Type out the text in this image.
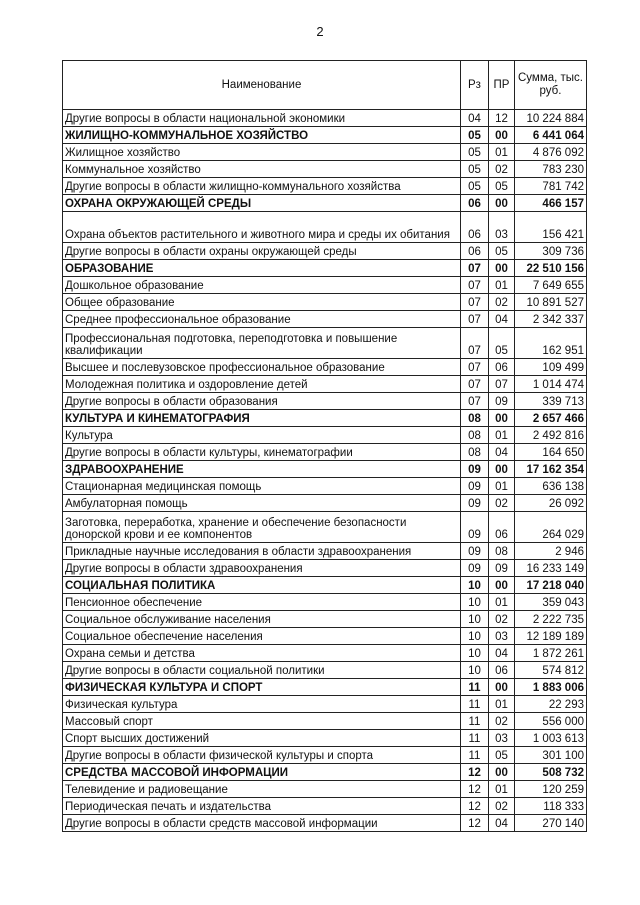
2
Наименование	Рз	ПР	Сумма, тыс. руб.
Другие вопросы в области национальной экономики	04	12	10 224 884
ЖИЛИЩНО-КОММУНАЛЬНОЕ ХОЗЯЙСТВО	05	00	6 441 064
Жилищное хозяйство	05	01	4 876 092
Коммунальное хозяйство	05	02	783 230
Другие вопросы в области жилищно-коммунального хозяйства	05	05	781 742
ОХРАНА ОКРУЖАЮЩЕЙ СРЕДЫ	06	00	466 157
Охрана объектов растительного и животного мира и среды их обитания	06	03	156 421
Другие вопросы в области охраны окружающей среды	06	05	309 736
ОБРАЗОВАНИЕ	07	00	22 510 156
Дошкольное образование	07	01	7 649 655
Общее образование	07	02	10 891 527
Среднее профессиональное образование	07	04	2 342 337
Профессиональная подготовка, переподготовка и повышение квалификации	07	05	162 951
Высшее и послевузовское профессиональное образование	07	06	109 499
Молодежная политика и оздоровление детей	07	07	1 014 474
Другие вопросы в области образования	07	09	339 713
КУЛЬТУРА И КИНЕМАТОГРАФИЯ	08	00	2 657 466
Культура	08	01	2 492 816
Другие вопросы в области культуры, кинематографии	08	04	164 650
ЗДРАВООХРАНЕНИЕ	09	00	17 162 354
Стационарная медицинская помощь	09	01	636 138
Амбулаторная помощь	09	02	26 092
Заготовка, переработка, хранение и обеспечение безопасности донорской крови и ее компонентов	09	06	264 029
Прикладные научные исследования в области здравоохранения	09	08	2 946
Другие вопросы в области здравоохранения	09	09	16 233 149
СОЦИАЛЬНАЯ ПОЛИТИКА	10	00	17 218 040
Пенсионное обеспечение	10	01	359 043
Социальное обслуживание населения	10	02	2 222 735
Социальное обеспечение населения	10	03	12 189 189
Охрана семьи и детства	10	04	1 872 261
Другие вопросы в области социальной политики	10	06	574 812
ФИЗИЧЕСКАЯ КУЛЬТУРА И СПОРТ	11	00	1 883 006
Физическая культура	11	01	22 293
Массовый спорт	11	02	556 000
Спорт высших достижений	11	03	1 003 613
Другие вопросы в области физической культуры и спорта	11	05	301 100
СРЕДСТВА МАССОВОЙ ИНФОРМАЦИИ	12	00	508 732
Телевидение и радиовещание	12	01	120 259
Периодическая печать и издательства	12	02	118 333
Другие вопросы в области средств массовой информации	12	04	270 140
